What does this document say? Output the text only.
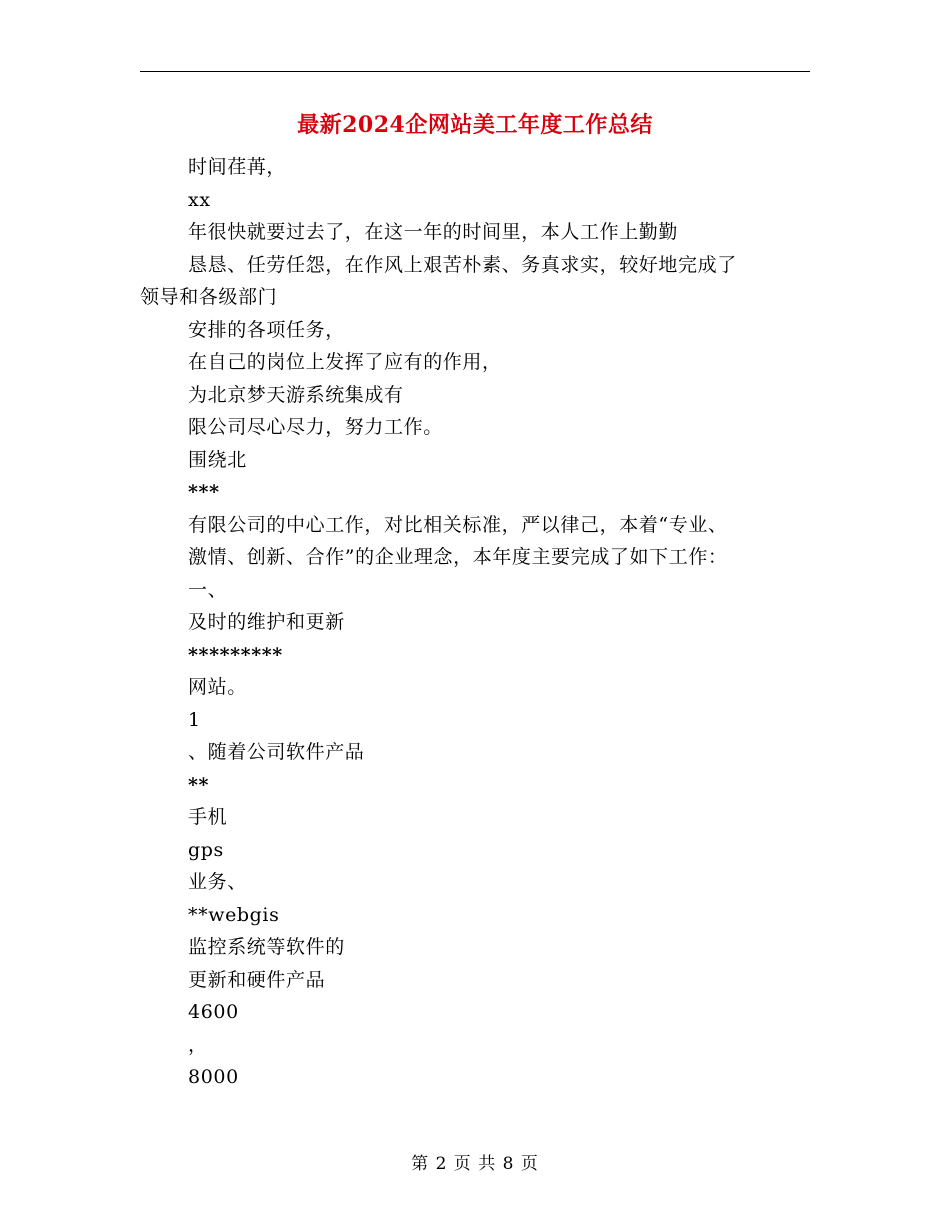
最新2024企网站美工年度工作总结
时间荏苒，
xx
年很快就要过去了，在这一年的时间里，本人工作上勤勤
恳恳、任劳任怨，在作风上艰苦朴素、务真求实，较好地完成了
领导和各级部门
安排的各项任务，
在自己的岗位上发挥了应有的作用，
为北京梦天游系统集成有
限公司尽心尽力，努力工作。
围绕北
***
有限公司的中心工作，对比相关标准，严以律己，本着“专业、
激情、创新、合作”的企业理念，本年度主要完成了如下工作：
一、
及时的维护和更新
*********
网站。
1
、随着公司软件产品
**
手机
gps
业务、
**webgis
监控系统等软件的
更新和硬件产品
4600
，
8000
第 2 页 共 8 页
